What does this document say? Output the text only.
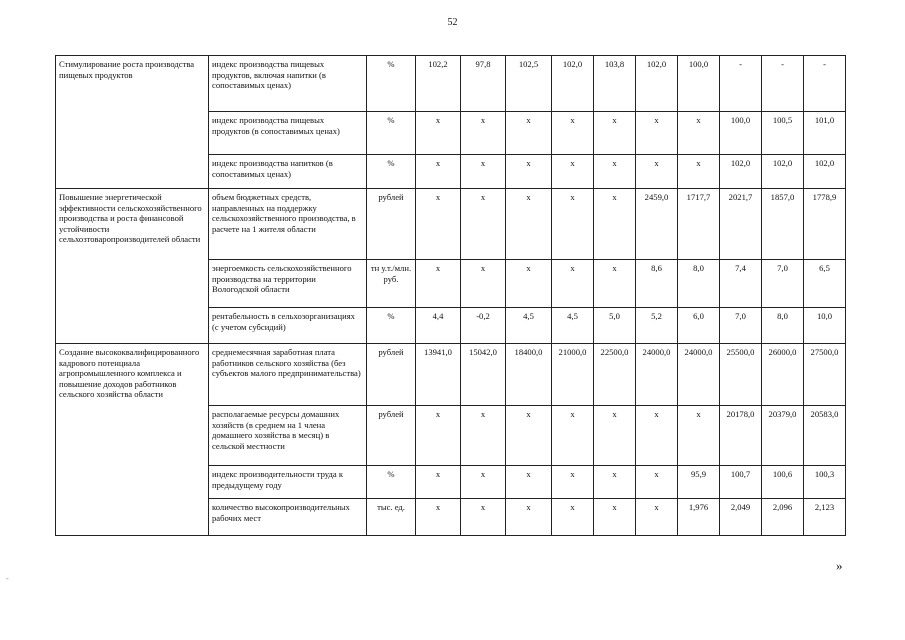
52
Стимулирование роста производства пищевых продуктов	индекс производства пищевых продуктов, включая напитки (в сопоставимых ценах)	%	102,2	97,8	102,5	102,0	103,8	102,0	100,0	-	-	-
	индекс производства пищевых продуктов (в сопоставимых ценах)	%	x	x	x	x	x	x	x	100,0	100,5	101,0
	индекс производства напитков (в сопоставимых ценах)	%	x	x	x	x	x	x	x	102,0	102,0	102,0
Повышение энергетической эффективности сельскохозяйственного производства и роста финансовой устойчивости сельхозтоваропроизводителей области	объем бюджетных средств, направленных на поддержку сельскохозяйственного производства, в расчете на 1 жителя области	рублей	x	x	x	x	x	2459,0	1717,7	2021,7	1857,0	1778,9
	энергоемкость сельскохозяйственного производства на территории Вологодской области	тн у.т./млн. руб.	x	x	x	x	x	8,6	8,0	7,4	7,0	6,5
	рентабельность в сельхозорганизациях (с учетом субсидий)	%	4,4	-0,2	4,5	4,5	5,0	5,2	6,0	7,0	8,0	10,0
Создание высококвалифицированного кадрового потенциала агропромышленного комплекса и повышение доходов работников сельского хозяйства области	среднемесячная заработная плата работников сельского хозяйства (без субъектов малого предпринимательства)	рублей	13941,0	15042,0	18400,0	21000,0	22500,0	24000,0	24000,0	25500,0	26000,0	27500,0
	располагаемые ресурсы домашних хозяйств (в среднем на 1 члена домашнего хозяйства в месяц) в сельской местности	рублей	x	x	x	x	x	x	x	20178,0	20379,0	20583,0
	индекс производительности труда к предыдущему году	%	x	x	x	x	x	x	95,9	100,7	100,6	100,3
	количество высокопроизводительных рабочих мест	тыс. ед.	x	x	x	x	x	x	1,976	2,049	2,096	2,123
»
-
